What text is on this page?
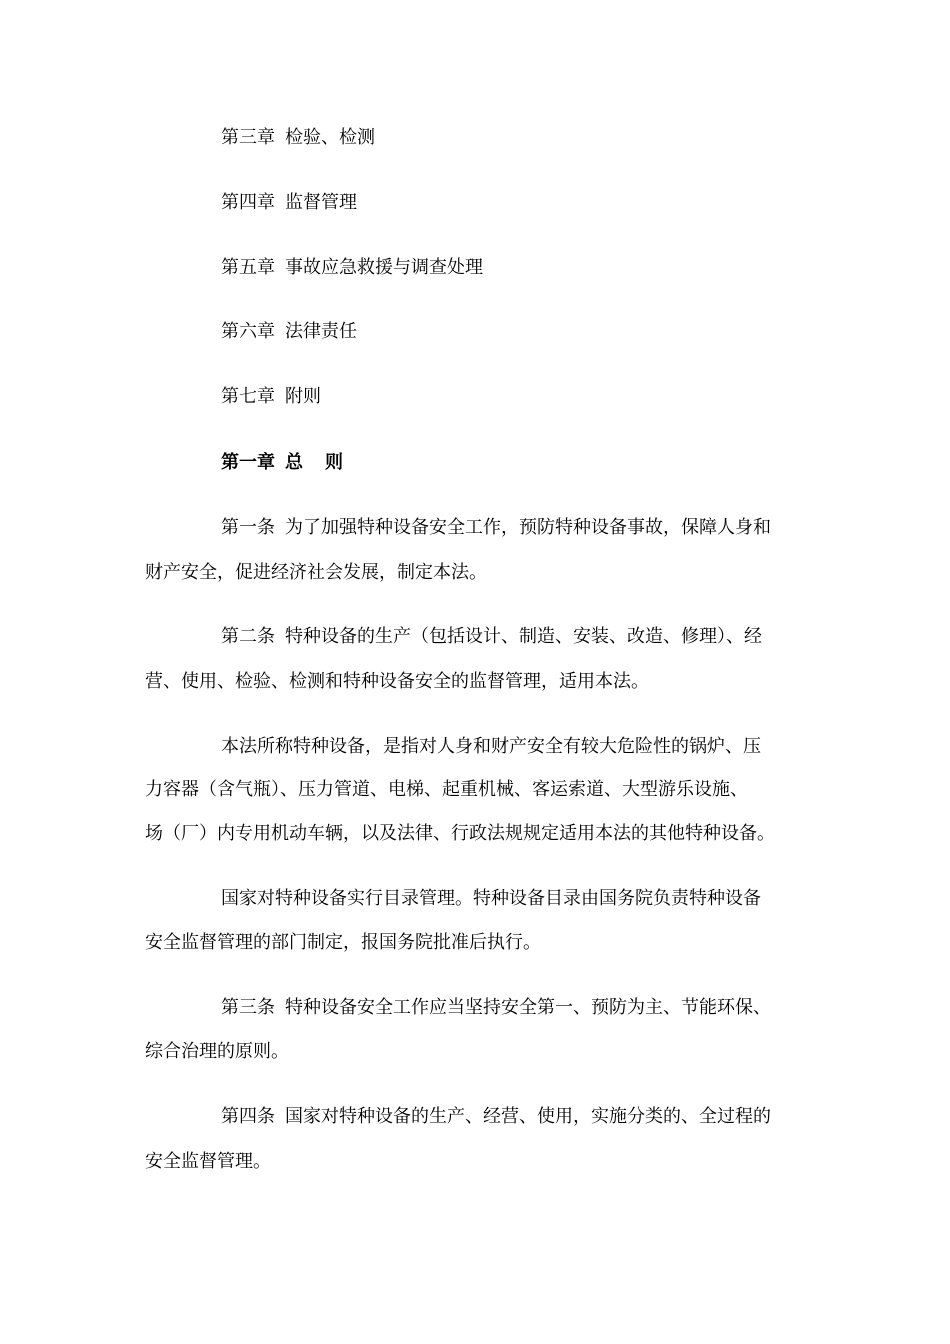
第三章 检验、检测
第四章 监督管理
第五章 事故应急救援与调查处理
第六章 法律责任
第七章 附则
第一章 总 则
第一条 为了加强特种设备安全工作，预防特种设备事故，保障人身和
财产安全，促进经济社会发展，制定本法。
第二条 特种设备的生产（包括设计、制造、安装、改造、修理）、经
营、使用、检验、检测和特种设备安全的监督管理，适用本法。
本法所称特种设备，是指对人身和财产安全有较大危险性的锅炉、压
力容器（含气瓶）、压力管道、电梯、起重机械、客运索道、大型游乐设施、
场（厂）内专用机动车辆，以及法律、行政法规规定适用本法的其他特种设备。
国家对特种设备实行目录管理。特种设备目录由国务院负责特种设备
安全监督管理的部门制定，报国务院批准后执行。
第三条 特种设备安全工作应当坚持安全第一、预防为主、节能环保、
综合治理的原则。
第四条 国家对特种设备的生产、经营、使用，实施分类的、全过程的
安全监督管理。
